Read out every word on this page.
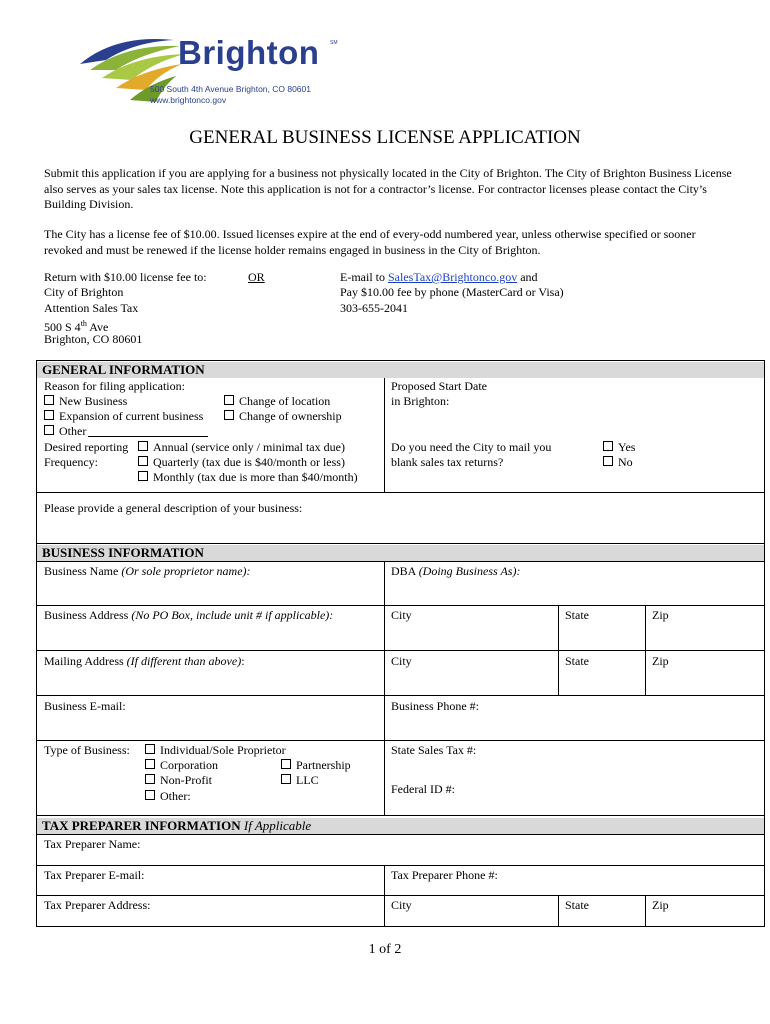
Brighton SM
500 South 4th Avenue Brighton, CO 80601
www.brightonco.gov
GENERAL BUSINESS LICENSE APPLICATION
Submit this application if you are applying for a business not physically located in the City of Brighton. The City of Brighton Business License also serves as your sales tax license. Note this application is not for a contractor’s license. For contractor licenses please contact the City’s Building Division.
The City has a license fee of $10.00. Issued licenses expire at the end of every-odd numbered year, unless otherwise specified or sooner revoked and must be renewed if the license holder remains engaged in business in the City of Brighton.
Return with $10.00 license fee to:
City of Brighton
Attention Sales Tax
500 S 4th Ave
Brighton, CO 80601
OR	E-mail to SalesTax@Brightonco.gov and
Pay $10.00 fee by phone (MasterCard or Visa)
303-655-2041
GENERAL INFORMATION
Reason for filing application:
New Business	Change of location
Expansion of current business	Change of ownership
Other
Desired reporting
Frequency:
Annual (service only / minimal tax due)
Quarterly (tax due is $40/month or less)
Monthly (tax due is more than $40/month)
Proposed Start Date
in Brighton:
Do you need the City to mail you
blank sales tax returns?
Yes
No
Please provide a general description of your business:
BUSINESS INFORMATION
Business Name (Or sole proprietor name):	DBA (Doing Business As):
Business Address (No PO Box, include unit # if applicable):	City	State	Zip
Mailing Address (If different than above):	City	State	Zip
Business E-mail:	Business Phone #:
Type of Business:	Individual/Sole Proprietor
Corporation	Partnership
Non-Profit	LLC
Other:
State Sales Tax #:
Federal ID #:
TAX PREPARER INFORMATION If Applicable
Tax Preparer Name:
Tax Preparer E-mail:	Tax Preparer Phone #:
Tax Preparer Address:	City	State	Zip
1 of 2
